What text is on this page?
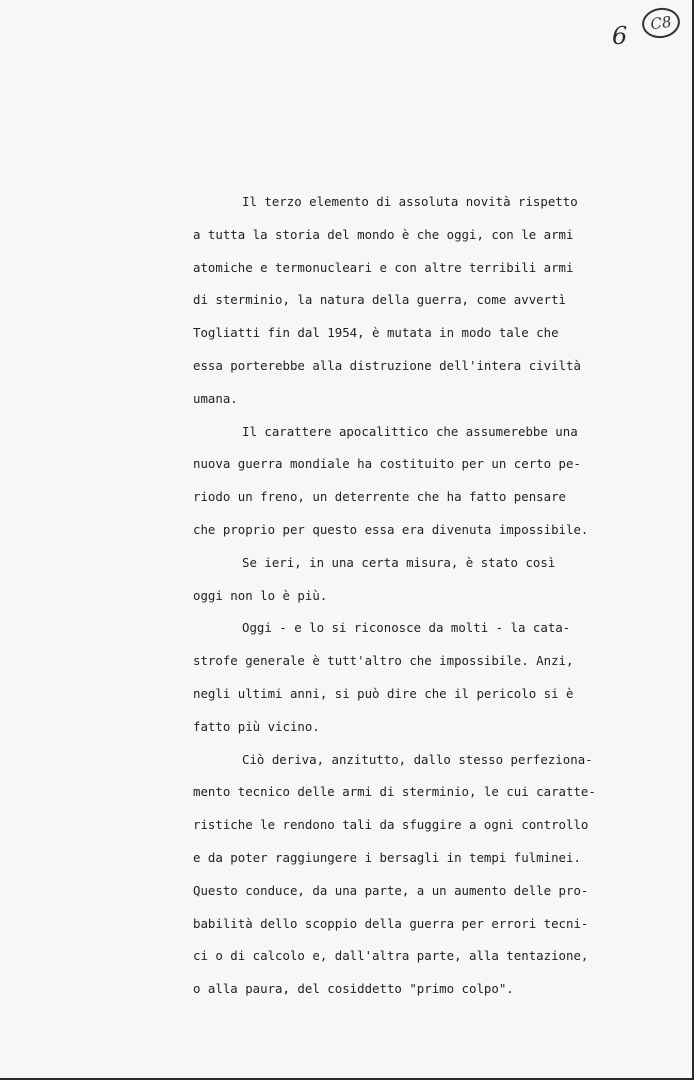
6	C8
Il terzo elemento di assoluta novità rispetto
a tutta la storia del mondo è che oggi, con le armi
atomiche e termonucleari e con altre terribili armi
di sterminio, la natura della guerra, come avvertì
Togliatti fin dal 1954, è mutata in modo tale che
essa porterebbe alla distruzione dell'intera civiltà
umana.
Il carattere apocalittico che assumerebbe una
nuova guerra mondiale ha costituito per un certo pe-
riodo un freno, un deterrente che ha fatto pensare
che proprio per questo essa era divenuta impossibile.
Se ieri, in una certa misura, è stato così
oggi non lo è più.
Oggi - e lo si riconosce da molti - la cata-
strofe generale è tutt'altro che impossibile. Anzi,
negli ultimi anni, si può dire che il pericolo si è
fatto più vicino.
Ciò deriva, anzitutto, dallo stesso perfeziona-
mento tecnico delle armi di sterminio, le cui caratte-
ristiche le rendono tali da sfuggire a ogni controllo
e da poter raggiungere i bersagli in tempi fulminei.
Questo conduce, da una parte, a un aumento delle pro-
babilità dello scoppio della guerra per errori tecni-
ci o di calcolo e, dall'altra parte, alla tentazione,
o alla paura, del cosiddetto "primo colpo".
